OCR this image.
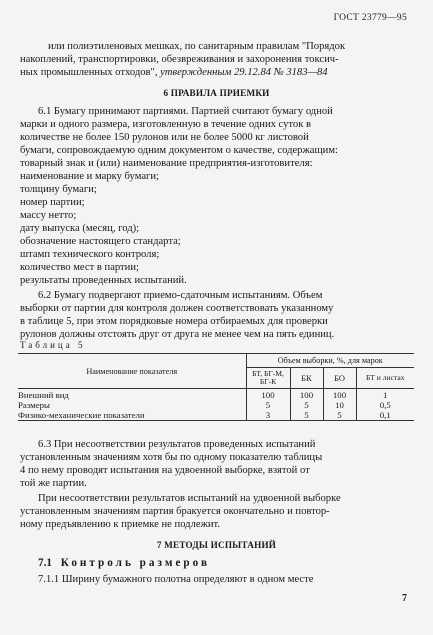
ГОСТ 23779—95
или полиэтиленовых мешках, по санитарным правилам "Порядок
накоплений, транспортировки, обезвреживания и захоронения токсич-
ных промышленных отходов", утвержденным 29.12.84 № 3183—84
6 ПРАВИЛА ПРИЕМКИ
6.1 Бумагу принимают партиями. Партией считают бумагу одной
марки и одного размера, изготовленную в течение одних суток в
количестве не более 150 рулонов или не более 5000 кг листовой
бумаги, сопровождаемую одним документом о качестве, содержащим:
товарный знак и (или) наименование предприятия-изготовителя:
наименование и марку бумаги;
толщину бумаги;
номер партии;
массу нетто;
дату выпуска (месяц, год);
обозначение настоящего стандарта;
штамп технического контроля;
количество мест в партии;
результаты проведенных испытаний.
6.2 Бумагу подвергают приемо-сдаточным испытаниям. Объем
выборки от партии для контроля должен соответствовать указанному
в таблице 5, при этом порядковые номера отбираемых для проверки
рулонов должны отстоять друг от друга не менее чем на пять единиц.
Таблица 5
Наименование показателя	Объем выборки, %, для марок			
	БТ, БГ-М, БГ-К	БК	БО	БТ и листах
Внешний вид	100	100	100	1
Размеры	5	5	10	0,5
Физико-механические показатели	3	5	5	0,1
6.3 При несоответствии результатов проведенных испытаний
установленным значениям хотя бы по одному показателю таблицы
4 по нему проводят испытания на удвоенной выборке, взятой от
той же партии.
При несоответствии результатов испытаний на удвоенной выборке
установленным значениям партия бракуется окончательно и повтор-
ному предъявлению к приемке не подлежит.
7 МЕТОДЫ ИСПЫТАНИЙ
7.1 Контроль размеров
7.1.1 Ширину бумажного полотна определяют в одном месте
7
